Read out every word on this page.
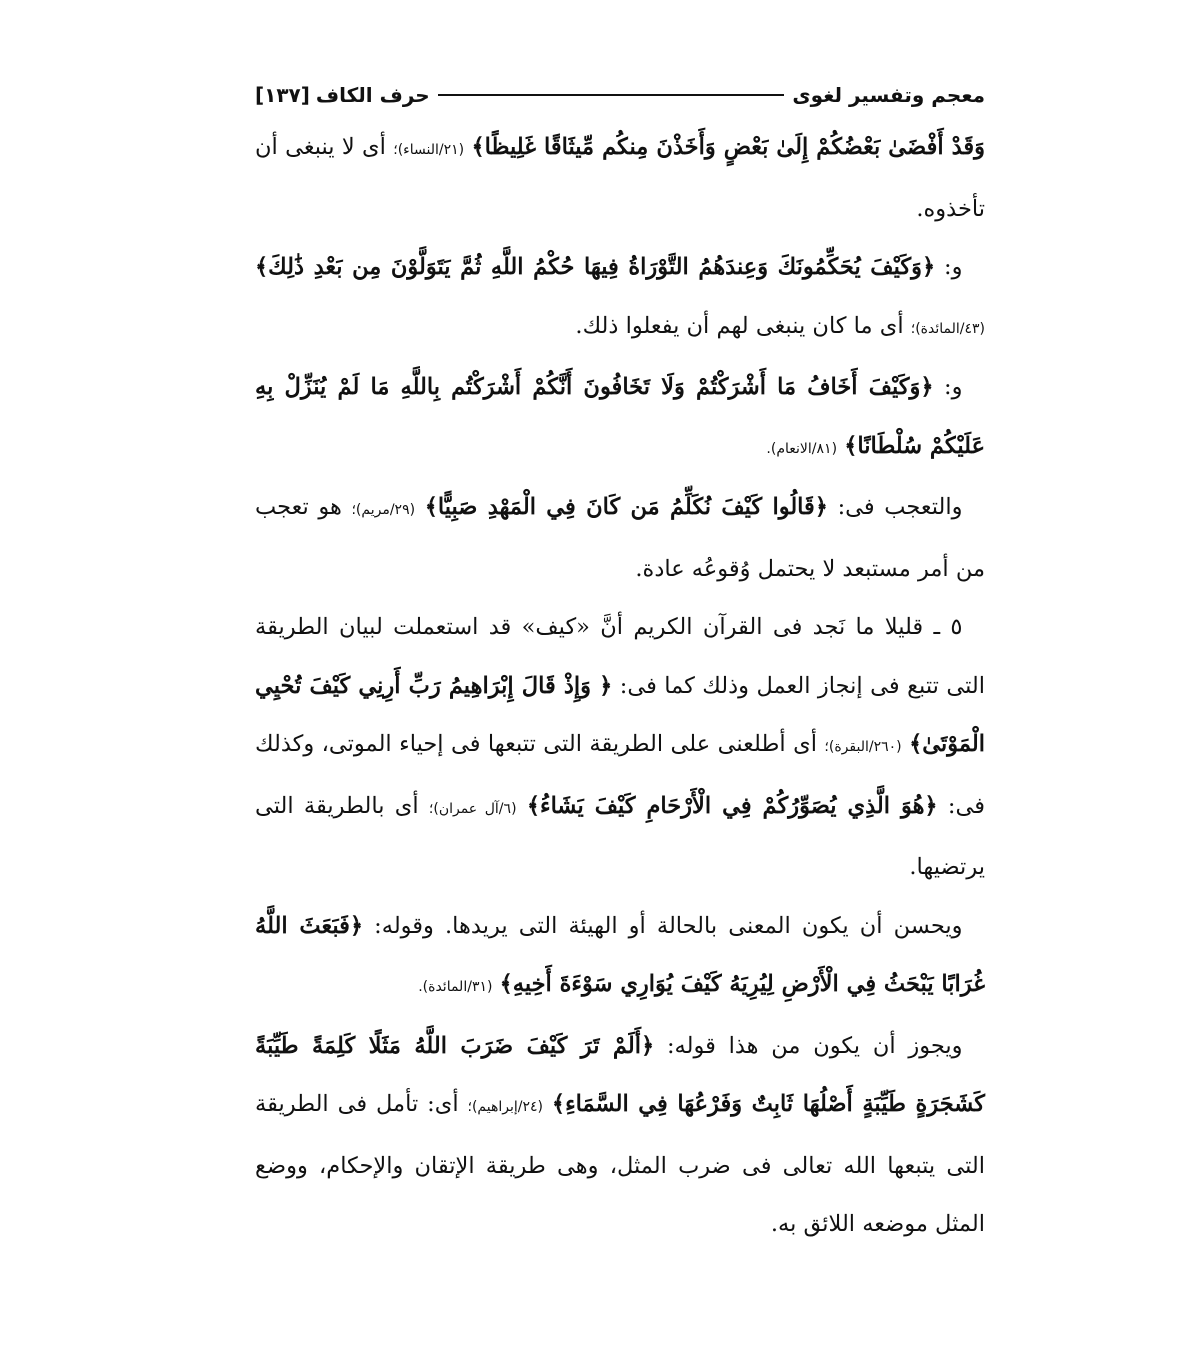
معجم وتفسير لغوى
حرف الكاف
[١٣٧]

وَقَدْ أَفْضَىٰ بَعْضُكُمْ إِلَىٰ بَعْضٍ وَأَخَذْنَ مِنكُم مِّيثَاقًا غَلِيظًا﴾ (٢١/النساء)؛ أى لا ينبغى أن تأخذوه.

 و: ﴿وَكَيْفَ يُحَكِّمُونَكَ وَعِندَهُمُ التَّوْرَاةُ فِيهَا حُكْمُ اللَّهِ ثُمَّ يَتَوَلَّوْنَ مِن بَعْدِ ذَٰلِكَ﴾ (٤٣/المائدة)؛ أى ما كان ينبغى لهم أن يفعلوا ذلك.

 و: ﴿وَكَيْفَ أَخَافُ مَا أَشْرَكْتُمْ وَلَا تَخَافُونَ أَنَّكُمْ أَشْرَكْتُم بِاللَّهِ مَا لَمْ يُنَزِّلْ بِهِ عَلَيْكُمْ سُلْطَانًا﴾ (٨١/الانعام).

 والتعجب فى: ﴿قَالُوا كَيْفَ نُكَلِّمُ مَن كَانَ فِي الْمَهْدِ صَبِيًّا﴾ (٢٩/مريم)؛ هو تعجب من أمر مستبعد لا يحتمل وُقوعُه عادة.

 ٥ ـ قليلا ما نَجد فى القرآن الكريم أنَّ «كيف» قد استعملت لبيان الطريقة التى تتبع فى إنجاز العمل وذلك كما فى: ﴿ وَإِذْ قَالَ إِبْرَاهِيمُ رَبِّ أَرِنِي كَيْفَ تُحْيِي الْمَوْتَىٰ﴾ (٢٦٠/البقرة)؛ أى أطلعنى على الطريقة التى تتبعها فى إحياء الموتى، وكذلك فى: ﴿هُوَ الَّذِي يُصَوِّرُكُمْ فِي الْأَرْحَامِ كَيْفَ يَشَاءُ﴾ (٦/آل عمران)؛ أى بالطريقة التى يرتضيها.

 ويحسن أن يكون المعنى بالحالة أو الهيئة التى يريدها. وقوله: ﴿فَبَعَثَ اللَّهُ غُرَابًا يَبْحَثُ فِي الْأَرْضِ لِيُرِيَهُ كَيْفَ يُوَارِي سَوْءَةَ أَخِيهِ﴾ (٣١/المائدة).

 ويجوز أن يكون من هذا قوله: ﴿أَلَمْ تَرَ كَيْفَ ضَرَبَ اللَّهُ مَثَلًا كَلِمَةً طَيِّبَةً كَشَجَرَةٍ طَيِّبَةٍ أَصْلُهَا ثَابِتٌ وَفَرْعُهَا فِي السَّمَاءِ﴾ (٢٤/إبراهيم)؛ أى: تأمل فى الطريقة التى يتبعها الله تعالى فى ضرب المثل، وهى طريقة الإتقان والإحكام، ووضع المثل موضعه اللائق به.
